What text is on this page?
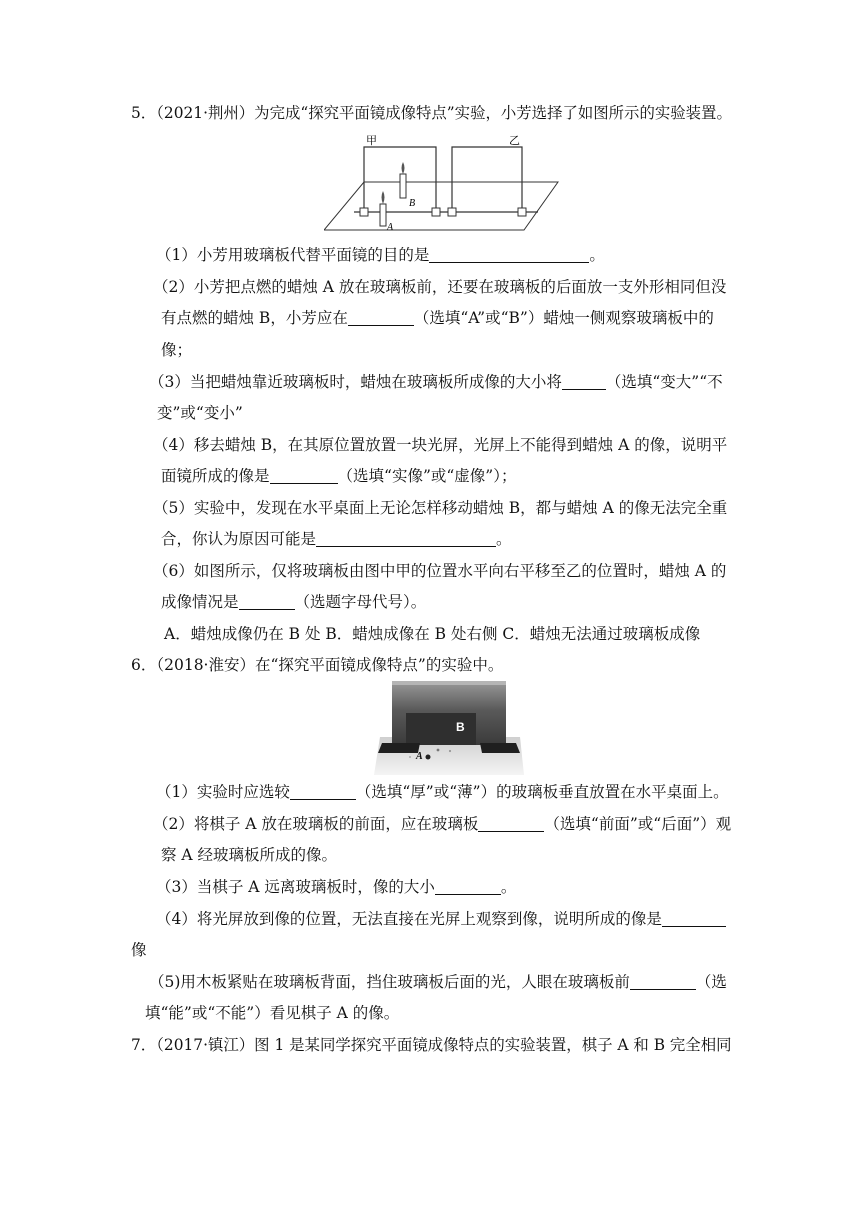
5．（2021·荆州）为完成“探究平面镜成像特点”实验，小芳选择了如图所示的实验装置。
B
A
甲	乙
（1）小芳用玻璃板代替平面镜的目的是	。
（2）小芳把点燃的蜡烛 A 放在玻璃板前，还要在玻璃板的后面放一支外形相同但没
有点燃的蜡烛 B，小芳应在	（选填“A”或“B”）蜡烛一侧观察玻璃板中的
像；
（3）当把蜡烛靠近玻璃板时，蜡烛在玻璃板所成像的大小将	（选填“变大”“不
变”或“变小”
（4）移去蜡烛 B，在其原位置放置一块光屏，光屏上不能得到蜡烛 A 的像，说明平
面镜所成的像是	（选填“实像”或“虚像”）；
（5）实验中，发现在水平桌面上无论怎样移动蜡烛 B，都与蜡烛 A 的像无法完全重
合，你认为原因可能是	。
（6）如图所示，仅将玻璃板由图中甲的位置水平向右平移至乙的位置时，蜡烛 A 的
成像情况是	（选题字母代号）。
A．蜡烛成像仍在 B 处 B．蜡烛成像在 B 处右侧 C．蜡烛无法通过玻璃板成像
6．（2018·淮安）在“探究平面镜成像特点”的实验中。
B
A
（1）实验时应选较	（选填“厚”或“薄”）的玻璃板垂直放置在水平桌面上。
（2）将棋子 A 放在玻璃板的前面，应在玻璃板	（选填“前面”或“后面”）观
察 A 经玻璃板所成的像。
（3）当棋子 A 远离玻璃板时，像的大小	。
（4）将光屏放到像的位置，无法直接在光屏上观察到像，说明所成的像是
像
（5)用木板紧贴在玻璃板背面，挡住玻璃板后面的光，人眼在玻璃板前	（选
填“能”或“不能”）看见棋子 A 的像。
7．（2017·镇江）图 1 是某同学探究平面镜成像特点的实验装置，棋子 A 和 B 完全相同
